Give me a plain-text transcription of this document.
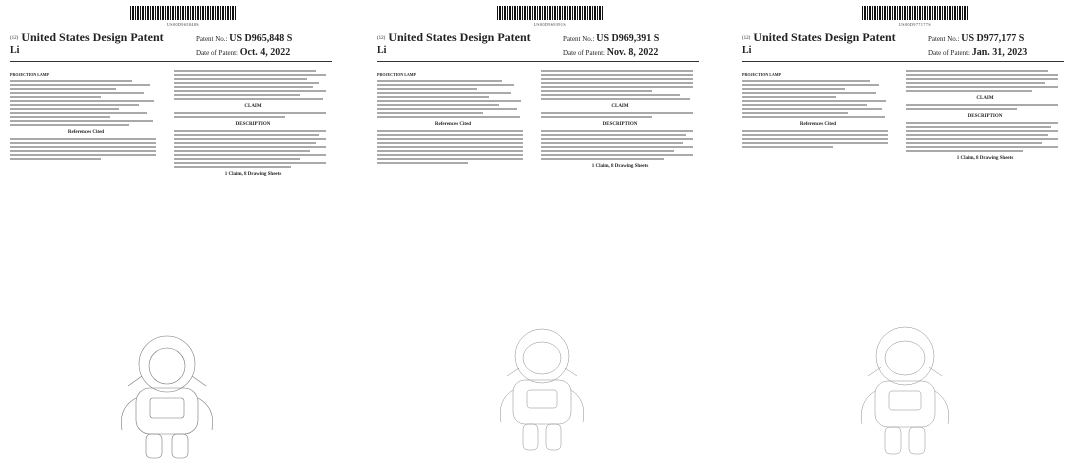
US00D965848S
(12) United States Design Patent
Li
Patent No.: US D965,848 S
Date of Patent: Oct. 4, 2022
PROJECTION LAMP
References Cited
CLAIM
DESCRIPTION
1 Claim, 8 Drawing Sheets
US00D969391S
(12) United States Design Patent
Li
Patent No.: US D969,391 S
Date of Patent: Nov. 8, 2022
PROJECTION LAMP
References Cited
CLAIM
DESCRIPTION
1 Claim, 8 Drawing Sheets
US00D977177S
(12) United States Design Patent
Li
Patent No.: US D977,177 S
Date of Patent: Jan. 31, 2023
PROJECTION LAMP
References Cited
CLAIM
DESCRIPTION
1 Claim, 8 Drawing Sheets
